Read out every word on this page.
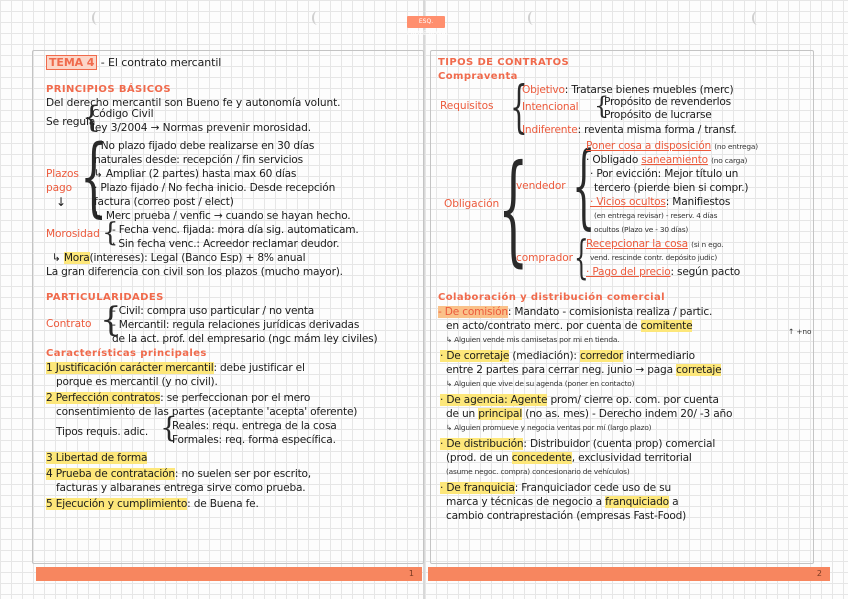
ESQ. PROFESIONAL
TEMA 4 - El contrato mercantil
PRINCIPIOS BÁSICOS
Del derecho mercantil son Bueno fe y autonomía volunt.
Se regula
{
Código Civil
ley 3/2004 → Normas prevenir morosidad.
Plazos
pago
↓ {
- No plazo fijado debe realizarse en 30 días
naturales desde: recepción / fin servicios
↳ Ampliar (2 partes) hasta max 60 días
· Plazo fijado / No fecha inicio. Desde recepción
factura (correo post / elect)
↳ Merc prueba / venfic → cuando se hayan hecho.
Morosidad {
- Fecha venc. fijada: mora día sig. automaticam.
· Sin fecha venc.: Acreedor reclamar deudor.
↳ Mora(intereses): Legal (Banco Esp) + 8% anual
La gran diferencia con civil son los plazos (mucho mayor).
PARTICULARIDADES
Contrato {
- Civil: compra uso particular / no venta
- Mercantil: regula relaciones jurídicas derivadas
de la act. prof. del empresario (ngc mám ley civiles)
Características principales
1 Justificación carácter mercantil: debe justificar el
porque es mercantil (y no civil).
2 Perfección contratos: se perfeccionan por el mero
consentimiento de las partes (aceptante 'acepta' oferente)
Tipos requis. adic. {
Reales: requ. entrega de la cosa
Formales: req. forma específica.
3 Libertad de forma
4 Prueba de contratación: no suelen ser por escrito,
facturas y albaranes entrega sirve como prueba.
5 Ejecución y cumplimiento: de Buena fe.
TIPOS DE CONTRATOS
Compraventa
Requisitos {
Objetivo: Tratarse bienes muebles (merc)
Intencional {
Propósito de revenderlos
Propósito de lucrarse
Indiferente: reventa misma forma / transf.
Obligación
{
vendedor {
Poner cosa a disposición (no entrega)
· Obligado saneamiento (no carga)
· Por evicción: Mejor título un
tercero (pierde bien si compr.)
· Vicios ocultos: Manifiestos
(en entrega revisar) - reserv. 4 días
ocultos (Plazo ve - 30 días)
comprador {
Recepcionar la cosa (si n ego.
vend. rescinde contr. depósito judic)
· Pago del precio: según pacto
Colaboración y distribución comercial
- De comisión: Mandato - comisionista realiza / partic.
en acto/contrato merc. por cuenta de comitente
↳ Alguien vende mis camisetas por mi en tienda.
↑ +no
· De corretaje (mediación): corredor intermediario
entre 2 partes para cerrar neg. junio → paga corretaje
↳ Alguien que vive de su agenda (poner en contacto)
· De agencia: Agente prom/ cierre op. com. por cuenta
de un principal (no as. mes) - Derecho indem 20/ -3 año
↳ Alguien promueve y negocia ventas por mí (largo plazo)
· De distribución: Distribuidor (cuenta prop) comercial
(prod. de un concedente, exclusividad territorial
(asume negoc. compra) concesionario de vehículos)
· De franquicia: Franquiciador cede uso de su
marca y técnicas de negocio a franquiciado a
cambio contraprestación (empresas Fast-Food)
1	2
